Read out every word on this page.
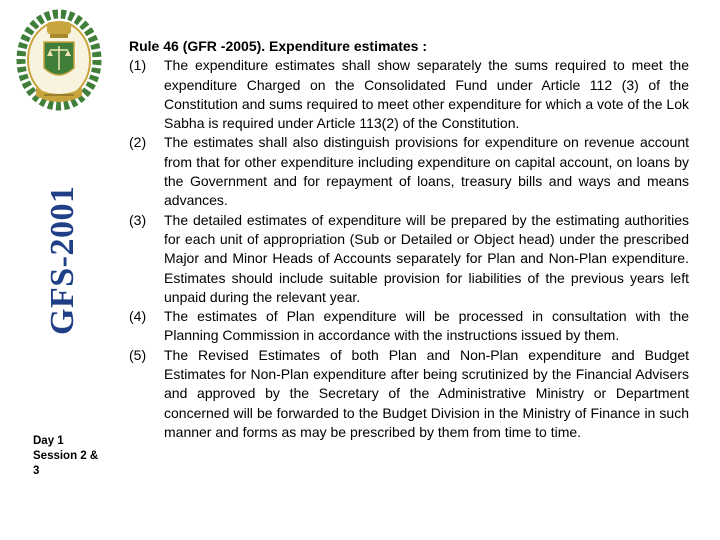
GFS-2001
Day 1
Session 2 &
3

Rule 46 (GFR -2005). Expenditure estimates :

(1)	The expenditure estimates shall show separately the sums required to meet the expenditure Charged on the Consolidated Fund under Article 112 (3) of the Constitution and sums required to meet other expenditure for which a vote of the Lok Sabha is required under Article 113(2) of the Constitution.
(2)	The estimates shall also distinguish provisions for expenditure on revenue account from that for other expenditure including expenditure on capital account, on loans by the Government and for repayment of loans, treasury bills and ways and means advances.
(3)	The detailed estimates of expenditure will be prepared by the estimating authorities for each unit of appropriation (Sub or Detailed or Object head) under the prescribed Major and Minor Heads of Accounts separately for Plan and Non-Plan expenditure. Estimates should include suitable provision for liabilities of the previous years left unpaid during the relevant year.
(4)	The estimates of Plan expenditure will be processed in consultation with the Planning Commission in accordance with the instructions issued by them.
(5)	The Revised Estimates of both Plan and Non-Plan expenditure and Budget Estimates for Non-Plan expenditure after being scrutinized by the Financial Advisers and approved by the Secretary of the Administrative Ministry or Department concerned will be forwarded to the Budget Division in the Ministry of Finance in such manner and forms as may be prescribed by them from time to time.
